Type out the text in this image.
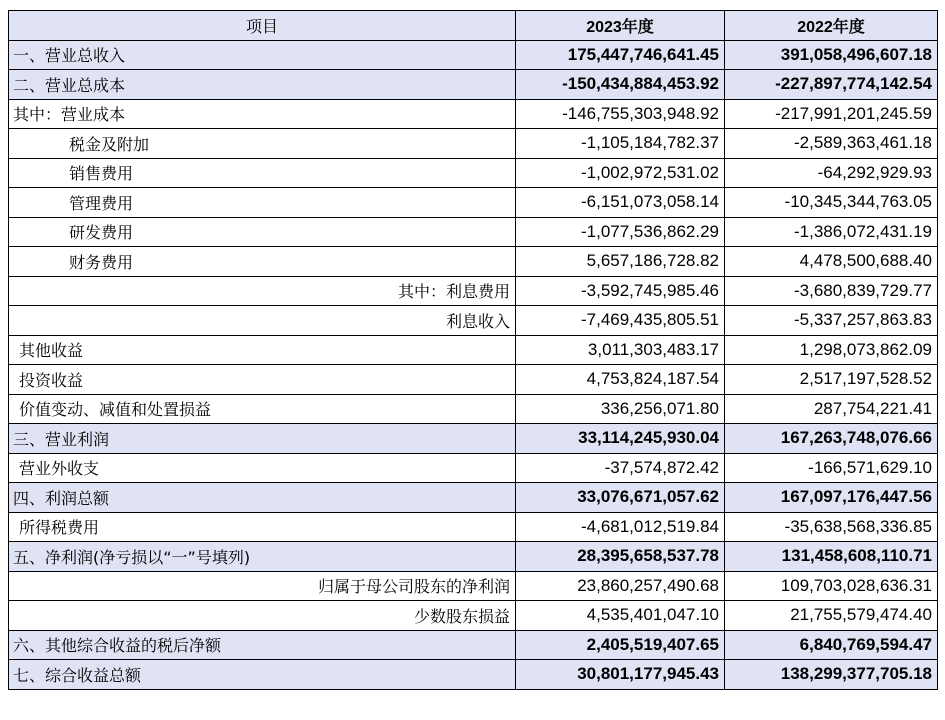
项目	2023年度	2022年度
一、营业总收入	175,447,746,641.45	391,058,496,607.18
二、营业总成本	-150,434,884,453.92	-227,897,774,142.54
其中：营业成本	-146,755,303,948.92	-217,991,201,245.59
税金及附加	-1,105,184,782.37	-2,589,363,461.18
销售费用	-1,002,972,531.02	-64,292,929.93
管理费用	-6,151,073,058.14	-10,345,344,763.05
研发费用	-1,077,536,862.29	-1,386,072,431.19
财务费用	5,657,186,728.82	4,478,500,688.40
其中：利息费用	-3,592,745,985.46	-3,680,839,729.77
利息收入	-7,469,435,805.51	-5,337,257,863.83
其他收益	3,011,303,483.17	1,298,073,862.09
投资收益	4,753,824,187.54	2,517,197,528.52
价值变动、减值和处置损益	336,256,071.80	287,754,221.41
三、营业利润	33,114,245,930.04	167,263,748,076.66
营业外收支	-37,574,872.42	-166,571,629.10
四、利润总额	33,076,671,057.62	167,097,176,447.56
所得税费用	-4,681,012,519.84	-35,638,568,336.85
五、净利润(净亏损以“一”号填列)	28,395,658,537.78	131,458,608,110.71
归属于母公司股东的净利润	23,860,257,490.68	109,703,028,636.31
少数股东损益	4,535,401,047.10	21,755,579,474.40
六、其他综合收益的税后净额	2,405,519,407.65	6,840,769,594.47
七、综合收益总额	30,801,177,945.43	138,299,377,705.18
